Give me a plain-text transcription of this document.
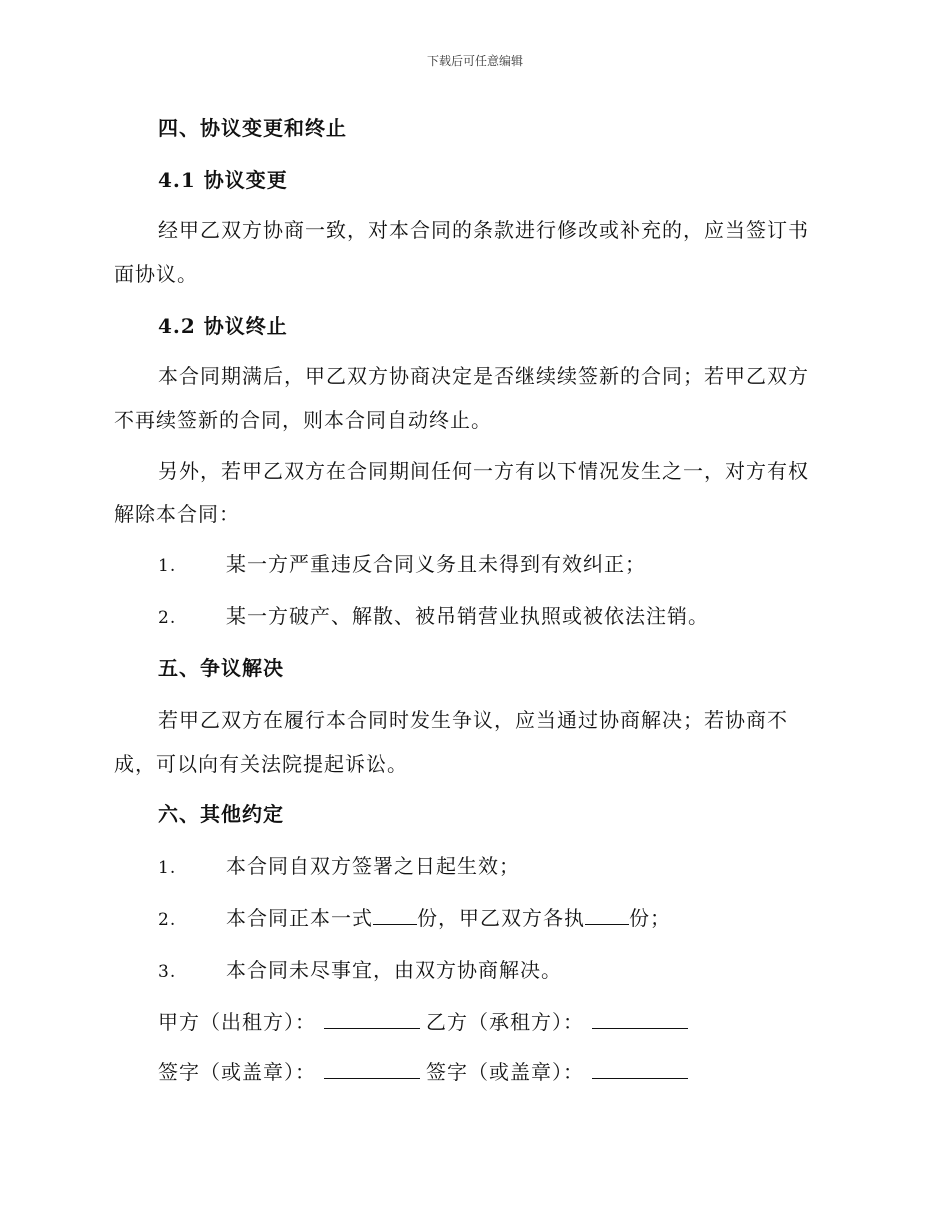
下载后可任意编辑
四、协议变更和终止
4.1 协议变更
经甲乙双方协商一致，对本合同的条款进行修改或补充的，应当签订书
面协议。
4.2 协议终止
本合同期满后，甲乙双方协商决定是否继续续签新的合同；若甲乙双方
不再续签新的合同，则本合同自动终止。
另外，若甲乙双方在合同期间任何一方有以下情况发生之一，对方有权
解除本合同：
1. 某一方严重违反合同义务且未得到有效纠正；
2. 某一方破产、解散、被吊销营业执照或被依法注销。
五、争议解决
若甲乙双方在履行本合同时发生争议，应当通过协商解决；若协商不
成，可以向有关法院提起诉讼。
六、其他约定
1. 本合同自双方签署之日起生效；
2. 本合同正本一式 份，甲乙双方各执 份；
3. 本合同未尽事宜，由双方协商解决。
甲方（出租方）：	乙方（承租方）：
签字（或盖章）：	签字（或盖章）：
